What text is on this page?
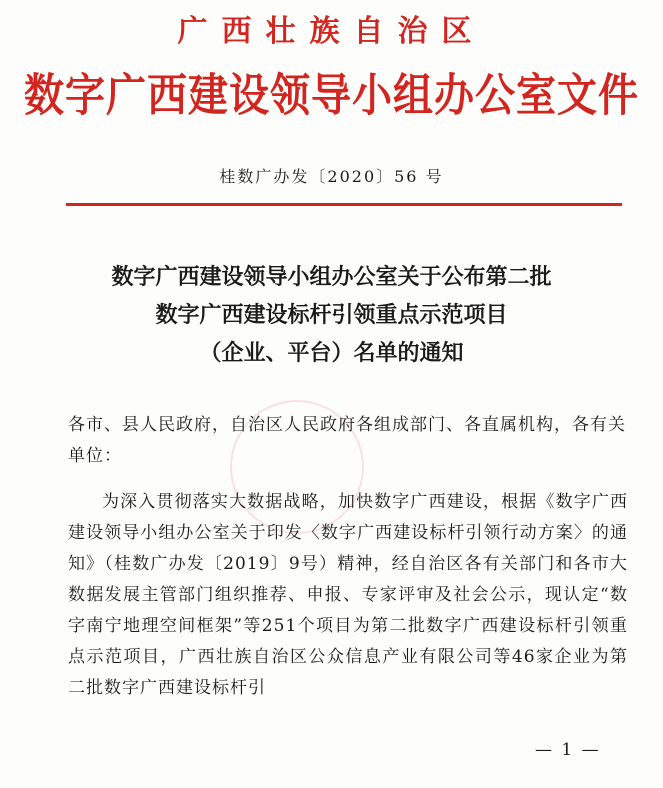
广西壮族自治区
数字广西建设领导小组办公室文件
桂数广办发〔2020〕56 号
数字广西建设领导小组办公室关于公布第二批
数字广西建设标杆引领重点示范项目
（企业、平台）名单的通知
各市、县人民政府，自治区人民政府各组成部门、各直属机构，各有关单位：
为深入贯彻落实大数据战略，加快数字广西建设，根据《数字广西建设领导小组办公室关于印发〈数字广西建设标杆引领行动方案〉的通知》（桂数广办发〔2019〕9号）精神，经自治区各有关部门和各市大数据发展主管部门组织推荐、申报、专家评审及社会公示，现认定“数字南宁地理空间框架”等251个项目为第二批数字广西建设标杆引领重点示范项目，广西壮族自治区公众信息产业有限公司等46家企业为第二批数字广西建设标杆引
— 1 —
